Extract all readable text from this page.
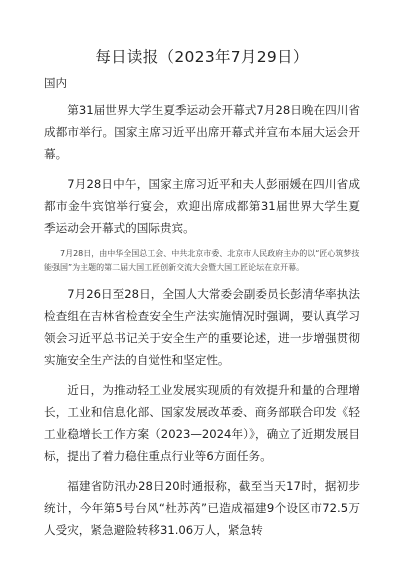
每日读报（2023年7月29日）
国内

第31届世界大学生夏季运动会开幕式7月28日晚在四川省成都市举行。国家主席习近平出席开幕式并宣布本届大运会开幕。

7月28日中午，国家主席习近平和夫人彭丽媛在四川省成都市金牛宾馆举行宴会，欢迎出席成都第31届世界大学生夏季运动会开幕式的国际贵宾。

7月28日，由中华全国总工会、中共北京市委、北京市人民政府主办的以“匠心筑梦技能强国”为主题的第二届大国工匠创新交流大会暨大国工匠论坛在京开幕。

7月26日至28日，全国人大常委会副委员长彭清华率执法检查组在吉林省检查安全生产法实施情况时强调，要认真学习领会习近平总书记关于安全生产的重要论述，进一步增强贯彻实施安全生产法的自觉性和坚定性。

近日，为推动轻工业发展实现质的有效提升和量的合理增长，工业和信息化部、国家发展改革委、商务部联合印发《轻工业稳增长工作方案（2023—2024年）》，确立了近期发展目标，提出了着力稳住重点行业等6方面任务。

福建省防汛办28日20时通报称，截至当天17时，据初步统计，今年第5号台风“杜苏芮”已造成福建9个设区市72.5万人受灾，紧急避险转移31.06万人，紧急转
